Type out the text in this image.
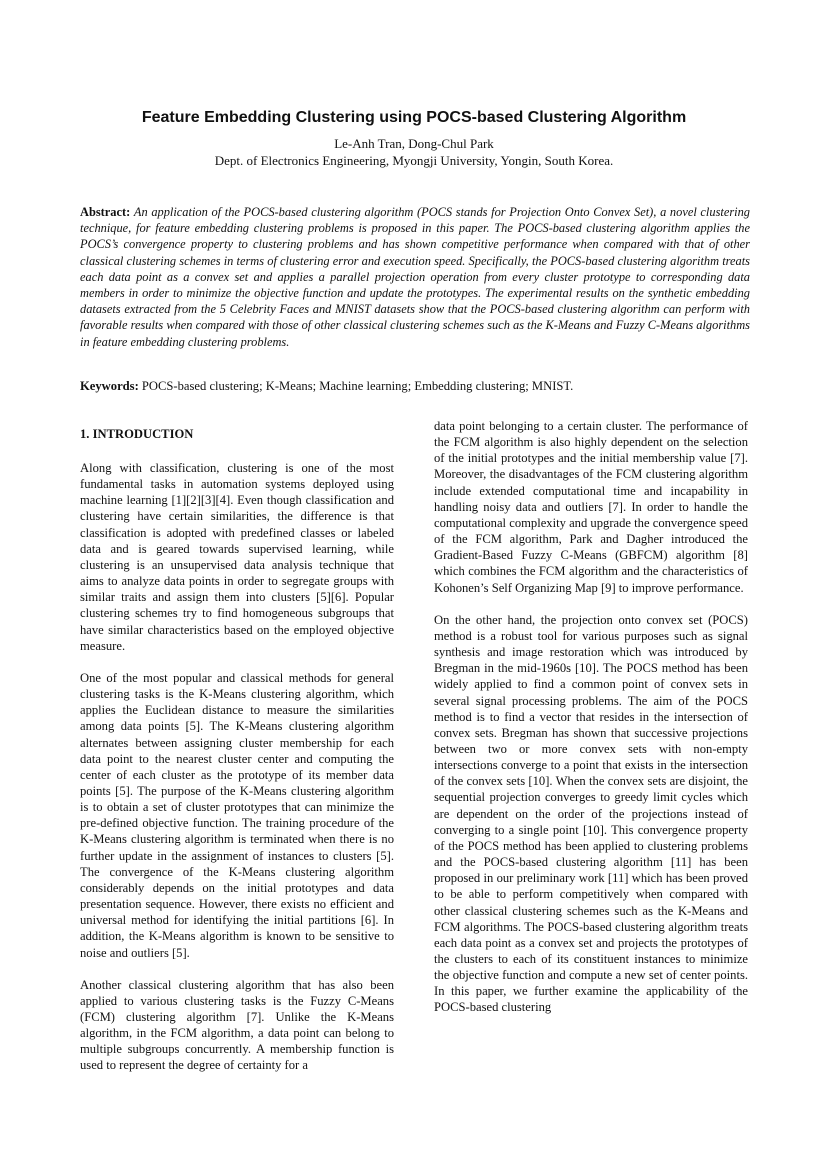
Feature Embedding Clustering using POCS-based Clustering Algorithm
Le-Anh Tran, Dong-Chul Park
Dept. of Electronics Engineering, Myongji University, Yongin, South Korea.

Abstract: An application of the POCS-based clustering algorithm (POCS stands for Projection Onto Convex Set), a novel clustering technique, for feature embedding clustering problems is proposed in this paper. The POCS-based clustering algorithm applies the POCS’s convergence property to clustering problems and has shown competitive performance when compared with that of other classical clustering schemes in terms of clustering error and execution speed. Specifically, the POCS-based clustering algorithm treats each data point as a convex set and applies a parallel projection operation from every cluster prototype to corresponding data members in order to minimize the objective function and update the prototypes. The experimental results on the synthetic embedding datasets extracted from the 5 Celebrity Faces and MNIST datasets show that the POCS-based clustering algorithm can perform with favorable results when compared with those of other classical clustering schemes such as the K-Means and Fuzzy C-Means algorithms in feature embedding clustering problems.

Keywords: POCS-based clustering; K-Means; Machine learning; Embedding clustering; MNIST.

1. INTRODUCTION

Along with classification, clustering is one of the most fundamental tasks in automation systems deployed using machine learning [1][2][3][4]. Even though classification and clustering have certain similarities, the difference is that classification is adopted with predefined classes or labeled data and is geared towards supervised learning, while clustering is an unsupervised data analysis technique that aims to analyze data points in order to segregate groups with similar traits and assign them into clusters [5][6]. Popular clustering schemes try to find homogeneous subgroups that have similar characteristics based on the employed objective measure.

One of the most popular and classical methods for general clustering tasks is the K-Means clustering algorithm, which applies the Euclidean distance to measure the similarities among data points [5]. The K-Means clustering algorithm alternates between assigning cluster membership for each data point to the nearest cluster center and computing the center of each cluster as the prototype of its member data points [5]. The purpose of the K-Means clustering algorithm is to obtain a set of cluster prototypes that can minimize the pre-defined objective function. The training procedure of the K-Means clustering algorithm is terminated when there is no further update in the assignment of instances to clusters [5]. The convergence of the K-Means clustering algorithm considerably depends on the initial prototypes and data presentation sequence. However, there exists no efficient and universal method for identifying the initial partitions [6]. In addition, the K-Means algorithm is known to be sensitive to noise and outliers [5].

Another classical clustering algorithm that has also been applied to various clustering tasks is the Fuzzy C-Means (FCM) clustering algorithm [7]. Unlike the K-Means algorithm, in the FCM algorithm, a data point can belong to multiple subgroups concurrently. A membership function is used to represent the degree of certainty for a

data point belonging to a certain cluster. The performance of the FCM algorithm is also highly dependent on the selection of the initial prototypes and the initial membership value [7]. Moreover, the disadvantages of the FCM clustering algorithm include extended computational time and incapability in handling noisy data and outliers [7]. In order to handle the computational complexity and upgrade the convergence speed of the FCM algorithm, Park and Dagher introduced the Gradient-Based Fuzzy C-Means (GBFCM) algorithm [8] which combines the FCM algorithm and the characteristics of Kohonen’s Self Organizing Map [9] to improve performance.

On the other hand, the projection onto convex set (POCS) method is a robust tool for various purposes such as signal synthesis and image restoration which was introduced by Bregman in the mid-1960s [10]. The POCS method has been widely applied to find a common point of convex sets in several signal processing problems. The aim of the POCS method is to find a vector that resides in the intersection of convex sets. Bregman has shown that successive projections between two or more convex sets with non-empty intersections converge to a point that exists in the intersection of the convex sets [10]. When the convex sets are disjoint, the sequential projection converges to greedy limit cycles which are dependent on the order of the projections instead of converging to a single point [10]. This convergence property of the POCS method has been applied to clustering problems and the POCS-based clustering algorithm [11] has been proposed in our preliminary work [11] which has been proved to be able to perform competitively when compared with other classical clustering schemes such as the K-Means and FCM algorithms. The POCS-based clustering algorithm treats each data point as a convex set and projects the prototypes of the clusters to each of its constituent instances to minimize the objective function and compute a new set of center points. In this paper, we further examine the applicability of the POCS-based clustering
